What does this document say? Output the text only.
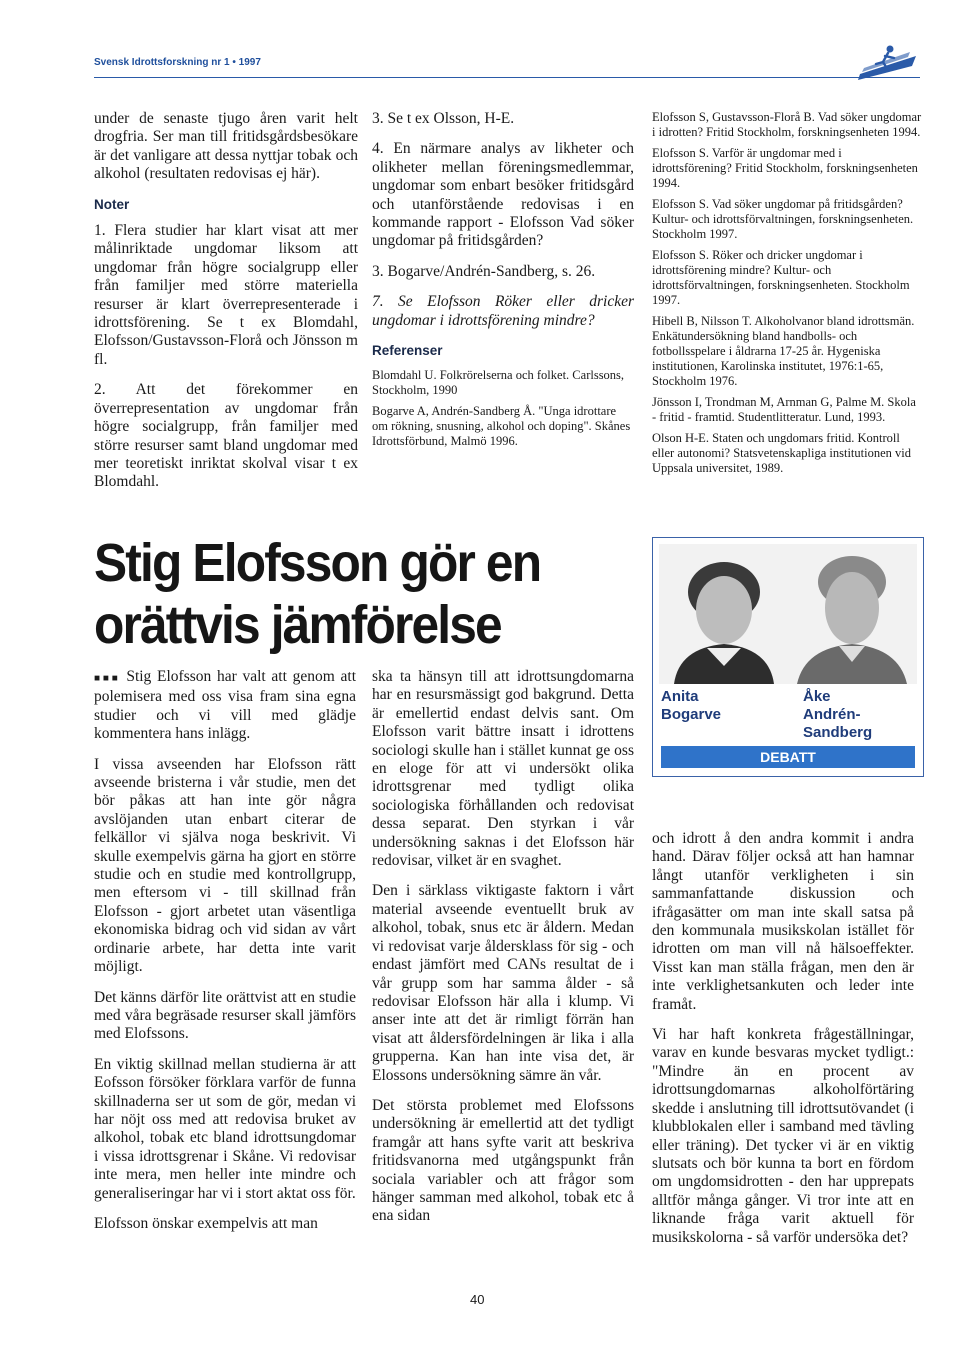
Svensk Idrottsforskning nr 1 • 1997

under de senaste tjugo åren varit helt drogfria. Ser man till fritidsgårdsbesökare är det vanligare att dessa nyttjar tobak och alkohol (resultaten redovisas ej här).

Noter

1. Flera studier har klart visat att mer målinriktade ungdomar liksom att ungdomar från högre socialgrupp eller från familjer med större materiella resurser är klart överrepresenterade i idrottsförening. Se t ex Blomdahl, Elofsson/Gustavsson-Florå och Jönsson m fl.

2. Att det förekommer en överrepresentation av ungdomar från högre socialgrupp, från familjer med större resurser samt bland ungdomar med mer teoretiskt inriktat skolval visar t ex Blomdahl.

3. Se t ex Olsson, H-E.

4. En närmare analys av likheter och olikheter mellan föreningsmedlemmar, ungdomar som enbart besöker fritidsgård och utanförstående redovisas i en kommande rapport - Elofsson Vad söker ungdomar på fritidsgården?

3. Bogarve/Andrén-Sandberg, s. 26.

7. Se Elofsson Röker eller dricker ungdomar i idrottsförening mindre?

Referenser

Blomdahl U. Folkrörelserna och folket. Carlssons, Stockholm, 1990

Bogarve A, Andrén-Sandberg Å. "Unga idrottare om rökning, snusning, alkohol och doping". Skånes Idrottsförbund, Malmö 1996.

Elofsson S, Gustavsson-Florå B. Vad söker ungdomar i idrotten? Fritid Stockholm, forskningsenheten 1994.

Elofsson S. Varför är ungdomar med i idrottsförening? Fritid Stockholm, forskningsenheten 1994.

Elofsson S. Vad söker ungdomar på fritidsgården? Kultur- och idrottsförvaltningen, forskningsenheten. Stockholm 1997.

Elofsson S. Röker och dricker ungdomar i idrottsförening mindre? Kultur- och idrottsförvaltningen, forskningsenheten. Stockholm 1997.

Hibell B, Nilsson T. Alkoholvanor bland idrottsmän. Enkätundersökning bland handbolls- och fotbollsspelare i åldrarna 17-25 år. Hygeniska institutionen, Karolinska institutet, 1976:1-65, Stockholm 1976.

Jönsson I, Trondman M, Arnman G, Palme M. Skola - fritid - framtid. Studentlitteratur. Lund, 1993.

Olson H-E. Staten och ungdomars fritid. Kontroll eller autonomi? Statsvetenskapliga institutionen vid Uppsala universitet, 1989.

Stig Elofsson gör en
orättvis jämförelse
Anita
Bogarve
Åke
Andrén-
Sandberg
DEBATT

■■■ Stig Elofsson har valt att genom att polemisera med oss visa fram sina egna studier och vi vill med glädje kommentera hans inlägg.

I vissa avseenden har Elofsson rätt avseende bristerna i vår studie, men det bör påkas att han inte gör några avslöjanden utan enbart citerar de felkällor vi själva noga beskrivit. Vi skulle exempelvis gärna ha gjort en större studie och en studie med kontrollgrupp, men eftersom vi - till skillnad från Elofsson - gjort arbetet utan väsentliga ekonomiska bidrag och vid sidan av vårt ordinarie arbete, har detta inte varit möjligt.

Det känns därför lite orättvist att en studie med våra begräsade resurser skall jämförs med Elofssons.

En viktig skillnad mellan studierna är att Eofsson försöker förklara varför de funna skillnaderna ser ut som de gör, medan vi har nöjt oss med att redovisa bruket av alkohol, tobak etc bland idrottsungdomar i vissa idrottsgrenar i Skåne. Vi redovisar inte mera, men heller inte mindre och generaliseringar har vi i stort aktat oss för.

Elofsson önskar exempelvis att man

ska ta hänsyn till att idrottsungdomarna har en resursmässigt god bakgrund. Detta är emellertid endast delvis sant. Om Elofsson varit bättre insatt i idrottens sociologi skulle han i stället kunnat ge oss en eloge för att vi undersökt olika idrottsgrenar med tydligt olika sociologiska förhållanden och redovisat dessa separat. Den styrkan i vår undersökning saknas i det Elofsson här redovisar, vilket är en svaghet.

Den i särklass viktigaste faktorn i vårt material avseende eventuellt bruk av alkohol, tobak, snus etc är åldern. Medan vi redovisat varje åldersklass för sig - och endast jämfört med CANs resultat de i vår grupp som har samma ålder - så redovisar Elofsson här alla i klump. Vi anser inte att det är rimligt förrän han visat att åldersfördelningen är lika i alla grupperna. Kan han inte visa det, är Elossons undersökning sämre än vår.

Det största problemet med Elofssons undersökning är emellertid att det tydligt framgår att hans syfte varit att beskriva fritidsvanorna med utgångspunkt från sociala variabler och att frågor som hänger samman med alkohol, tobak etc å ena sidan

och idrott å den andra kommit i andra hand. Därav följer också att han hamnar långt utanför verkligheten i sin sammanfattande diskussion och ifrågasätter om man inte skall satsa på den kommunala musikskolan istället för idrotten om man vill nå hälsoeffekter. Visst kan man ställa frågan, men den är inte verklighetsankuten och leder inte framåt.

Vi har haft konkreta frågeställningar, varav en kunde besvaras mycket tydligt.: "Mindre än en procent av idrottsungdomarnas alkoholförtäring skedde i anslutning till idrottsutövandet (i klubblokalen eller i samband med tävling eller träning). Det tycker vi är en viktig slutsats och bör kunna ta bort en fördom om ungdomsidrotten - den har upprepats alltför många gånger. Vi tror inte att en liknande fråga varit aktuell för musikskolorna - så varför undersöka det?

40
